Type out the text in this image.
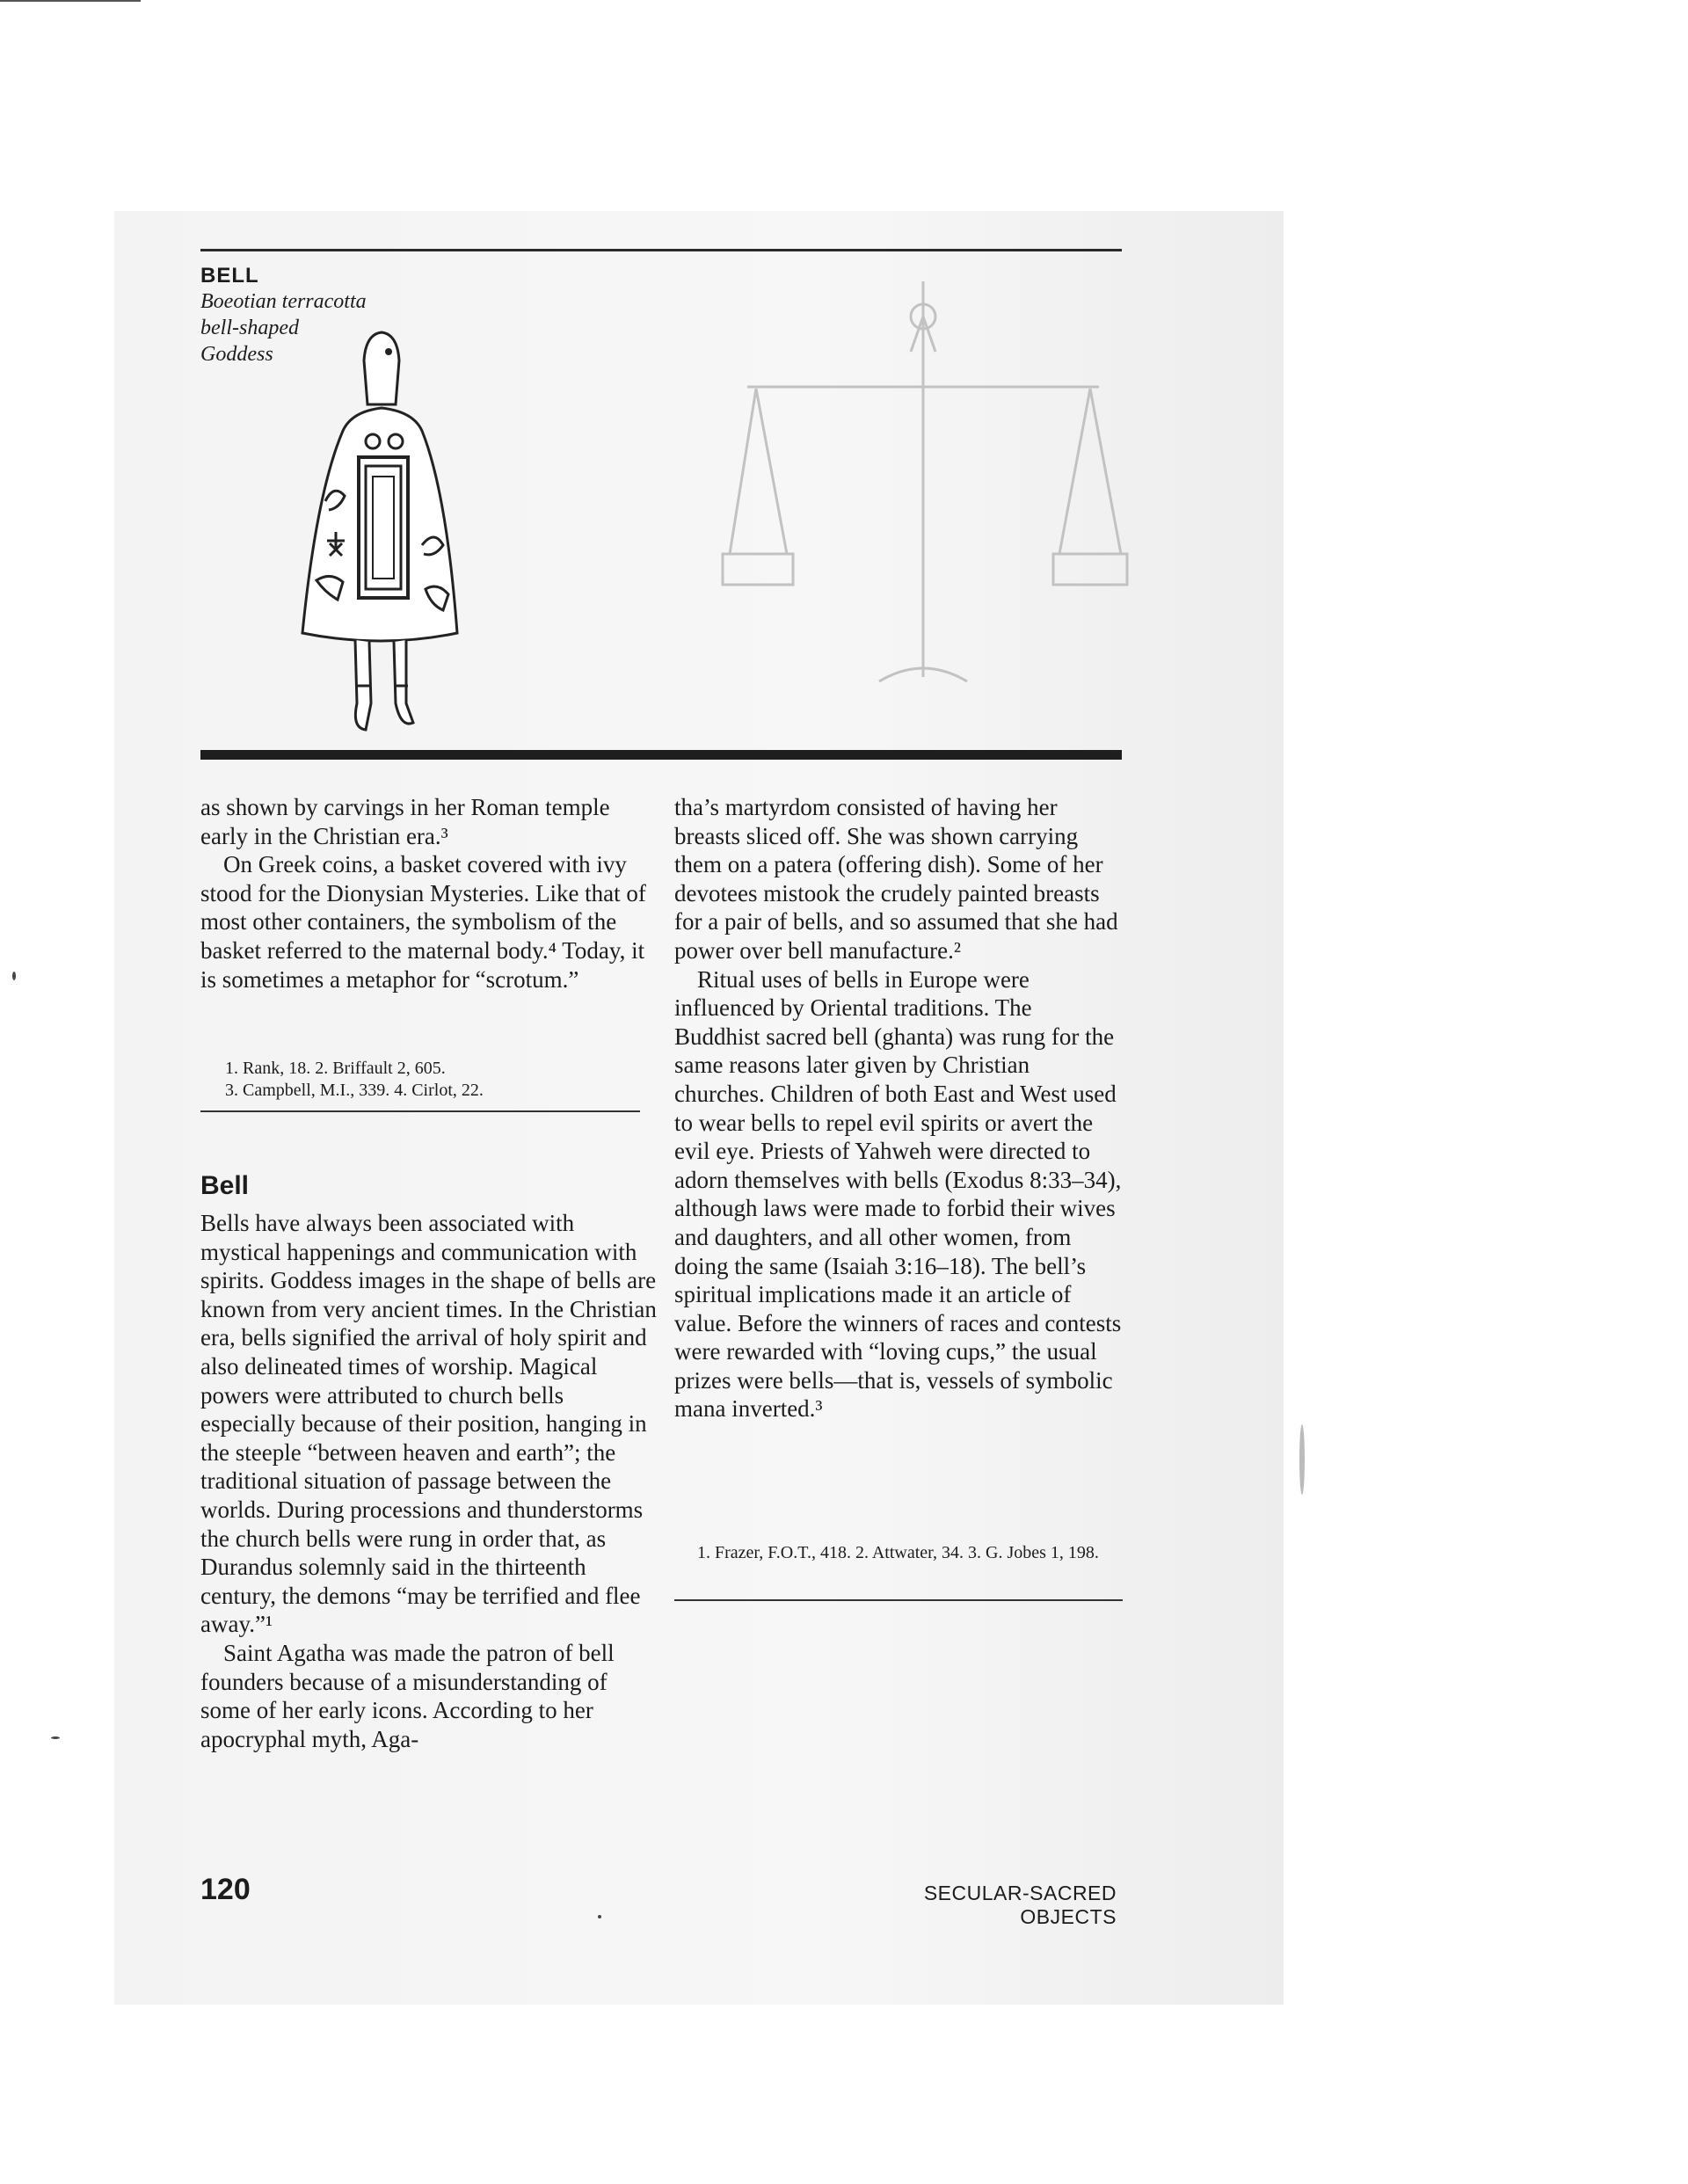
BELL

Boeotian terracotta bell-shaped Goddess

as shown by carvings in her Roman temple early in the Christian era.³

On Greek coins, a basket covered with ivy stood for the Dionysian Mysteries. Like that of most other containers, the symbolism of the basket referred to the maternal body.⁴ Today, it is sometimes a metaphor for “scrotum.”

1. Rank, 18. 2. Briffault 2, 605.

3. Campbell, M.I., 339. 4. Cirlot, 22.

Bell

Bells have always been associated with mystical happenings and communication with spirits. Goddess images in the shape of bells are known from very ancient times. In the Christian era, bells signified the arrival of holy spirit and also delineated times of worship. Magical powers were attributed to church bells especially because of their position, hanging in the steeple “between heaven and earth”; the traditional situation of passage between the worlds. During processions and thunderstorms the church bells were rung in order that, as Durandus solemnly said in the thirteenth century, the demons “may be terrified and flee away.”¹

Saint Agatha was made the patron of bell founders because of a misunderstanding of some of her early icons. According to her apocryphal myth, Aga-

tha’s martyrdom consisted of having her breasts sliced off. She was shown carrying them on a patera (offering dish). Some of her devotees mistook the crudely painted breasts for a pair of bells, and so assumed that she had power over bell manufacture.²

Ritual uses of bells in Europe were influenced by Oriental traditions. The Buddhist sacred bell (ghanta) was rung for the same reasons later given by Christian churches. Children of both East and West used to wear bells to repel evil spirits or avert the evil eye. Priests of Yahweh were directed to adorn themselves with bells (Exodus 8:33–34), although laws were made to forbid their wives and daughters, and all other women, from doing the same (Isaiah 3:16–18). The bell’s spiritual implications made it an article of value. Before the winners of races and contests were rewarded with “loving cups,” the usual prizes were bells—that is, vessels of symbolic mana inverted.³

1. Frazer, F.O.T., 418. 2. Attwater, 34. 3. G. Jobes 1, 198.

120	SECULAR-SACRED OBJECTS
